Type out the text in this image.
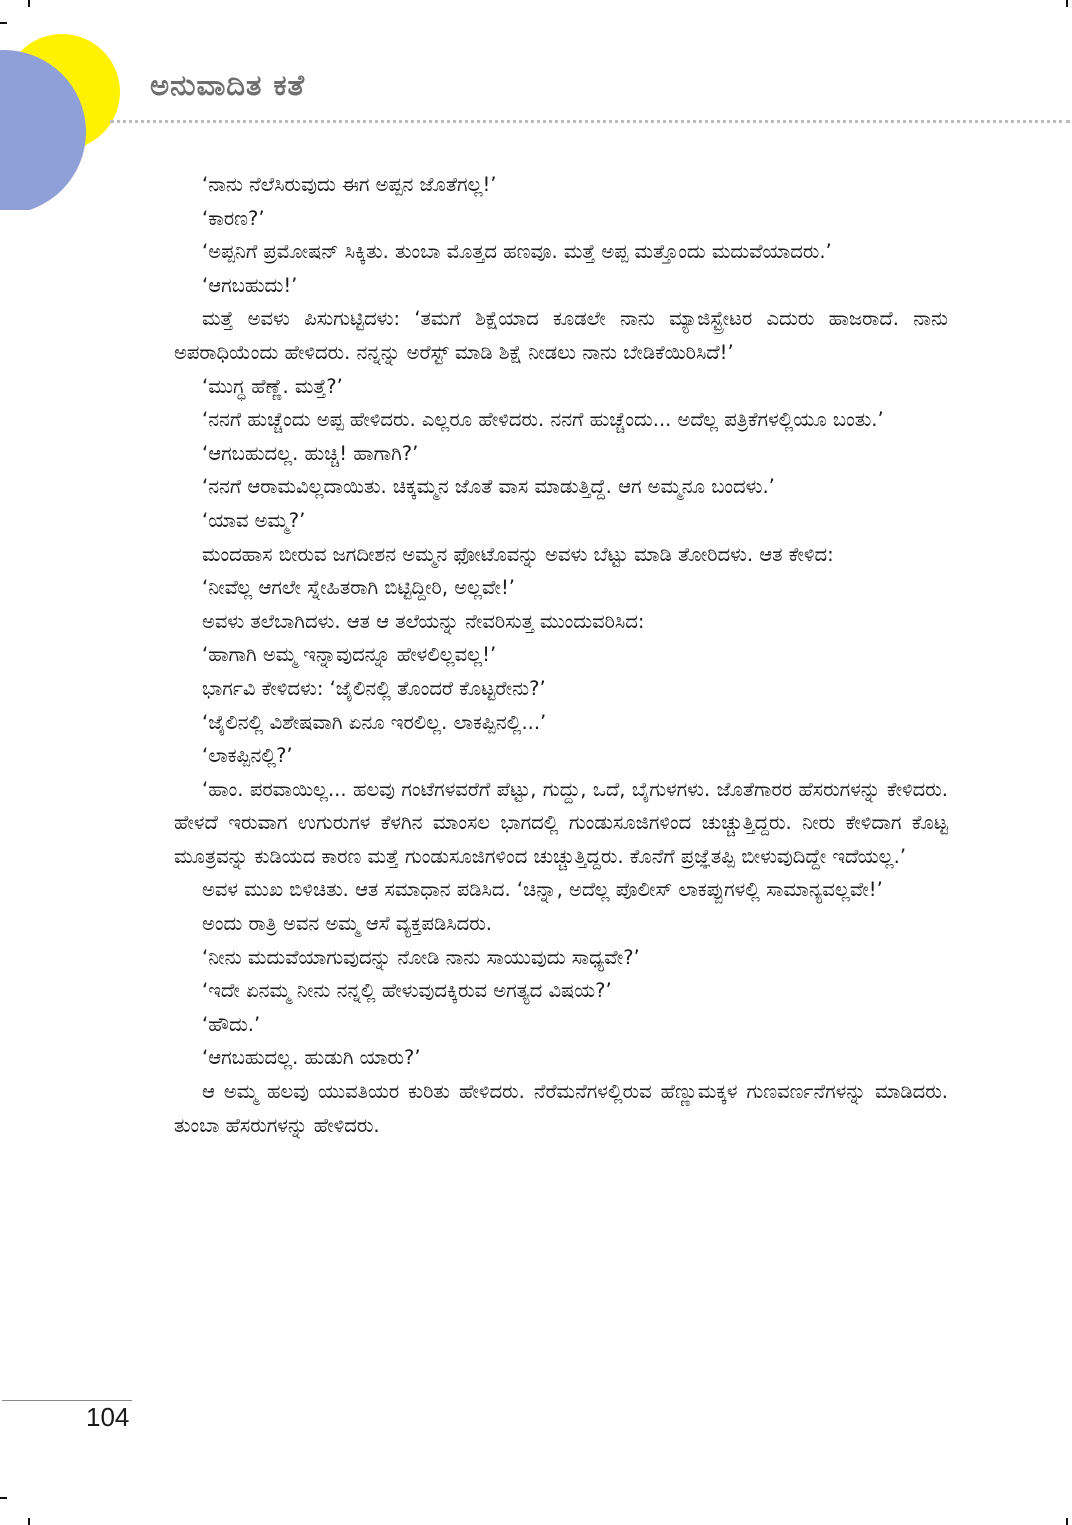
ಅನುವಾದಿತ ಕತೆ

‘ನಾನು ನೆಲೆಸಿರುವುದು ಈಗ ಅಪ್ಪನ ಜೊತೆಗಲ್ಲ!’

‘ಕಾರಣ?’

‘ಅಪ್ಪನಿಗೆ ಪ್ರಮೋಷನ್ ಸಿಕ್ಕಿತು. ತುಂಬಾ ಮೊತ್ತದ ಹಣವೂ. ಮತ್ತೆ ಅಪ್ಪ ಮತ್ತೊಂದು ಮದುವೆಯಾದರು.’

‘ಆಗಬಹುದು!’

ಮತ್ತೆ ಅವಳು ಪಿಸುಗುಟ್ಟಿದಳು: ‘ತಮಗೆ ಶಿಕ್ಷೆಯಾದ ಕೂಡಲೇ ನಾನು ಮ್ಯಾಜಿಸ್ಟ್ರೇಟರ ಎದುರು ಹಾಜರಾದೆ. ನಾನು ಅಪರಾಧಿಯೆಂದು ಹೇಳಿದರು. ನನ್ನನ್ನು ಅರೆಸ್ಟ್ ಮಾಡಿ ಶಿಕ್ಷೆ ನೀಡಲು ನಾನು ಬೇಡಿಕೆಯಿರಿಸಿದೆ!’

‘ಮುಗ್ಧ ಹೆಣ್ಣೆ. ಮತ್ತೆ?’

‘ನನಗೆ ಹುಚ್ಚೆಂದು ಅಪ್ಪ ಹೇಳಿದರು. ಎಲ್ಲರೂ ಹೇಳಿದರು. ನನಗೆ ಹುಚ್ಚೆಂದು... ಅದೆಲ್ಲ ಪತ್ರಿಕೆಗಳಲ್ಲಿಯೂ ಬಂತು.’

‘ಆಗಬಹುದಲ್ಲ. ಹುಚ್ಚಿ! ಹಾಗಾಗಿ?’

‘ನನಗೆ ಆರಾಮವಿಲ್ಲದಾಯಿತು. ಚಿಕ್ಕಮ್ಮನ ಜೊತೆ ವಾಸ ಮಾಡುತ್ತಿದ್ದೆ. ಆಗ ಅಮ್ಮನೂ ಬಂದಳು.’

‘ಯಾವ ಅಮ್ಮ?’

ಮಂದಹಾಸ ಬೀರುವ ಜಗದೀಶನ ಅಮ್ಮನ ಫೋಟೊವನ್ನು ಅವಳು ಬೆಟ್ಟು ಮಾಡಿ ತೋರಿದಳು. ಆತ ಕೇಳಿದ:

‘ನೀವೆಲ್ಲ ಆಗಲೇ ಸ್ನೇಹಿತರಾಗಿ ಬಿಟ್ಟಿದ್ದೀರಿ, ಅಲ್ಲವೇ!’

ಅವಳು ತಲೆಬಾಗಿದಳು. ಆತ ಆ ತಲೆಯನ್ನು ನೇವರಿಸುತ್ತ ಮುಂದುವರಿಸಿದ:

‘ಹಾಗಾಗಿ ಅಮ್ಮ ಇನ್ನಾವುದನ್ನೂ ಹೇಳಲಿಲ್ಲವಲ್ಲ!’

ಭಾರ್ಗವಿ ಕೇಳಿದಳು: ‘ಜೈಲಿನಲ್ಲಿ ತೊಂದರೆ ಕೊಟ್ಟರೇನು?’

‘ಜೈಲಿನಲ್ಲಿ ವಿಶೇಷವಾಗಿ ಏನೂ ಇರಲಿಲ್ಲ. ಲಾಕಪ್ಪಿನಲ್ಲಿ...’

‘ಲಾಕಪ್ಪಿನಲ್ಲಿ?’

‘ಹಾಂ. ಪರವಾಯಿಲ್ಲ... ಹಲವು ಗಂಟೆಗಳವರೆಗೆ ಪೆಟ್ಟು, ಗುದ್ದು, ಒದೆ, ಬೈಗುಳಗಳು. ಜೊತೆಗಾರರ ಹೆಸರುಗಳನ್ನು ಕೇಳಿದರು. ಹೇಳದೆ ಇರುವಾಗ ಉಗುರುಗಳ ಕೆಳಗಿನ ಮಾಂಸಲ ಭಾಗದಲ್ಲಿ ಗುಂಡುಸೂಜಿಗಳಿಂದ ಚುಚ್ಚುತ್ತಿದ್ದರು. ನೀರು ಕೇಳಿದಾಗ ಕೊಟ್ಟ ಮೂತ್ರವನ್ನು ಕುಡಿಯದ ಕಾರಣ ಮತ್ತೆ ಗುಂಡುಸೂಜಿಗಳಿಂದ ಚುಚ್ಚುತ್ತಿದ್ದರು. ಕೊನೆಗೆ ಪ್ರಜ್ಞೆತಪ್ಪಿ ಬೀಳುವುದಿದ್ದೇ ಇದೆಯಲ್ಲ.’

ಅವಳ ಮುಖ ಬಿಳಿಚಿತು. ಆತ ಸಮಾಧಾನ ಪಡಿಸಿದ. ‘ಚಿನ್ನಾ, ಅದೆಲ್ಲ ಪೊಲೀಸ್ ಲಾಕಪ್ಪುಗಳಲ್ಲಿ ಸಾಮಾನ್ಯವಲ್ಲವೇ!’

ಅಂದು ರಾತ್ರಿ ಅವನ ಅಮ್ಮ ಆಸೆ ವ್ಯಕ್ತಪಡಿಸಿದರು.

‘ನೀನು ಮದುವೆಯಾಗುವುದನ್ನು ನೋಡಿ ನಾನು ಸಾಯುವುದು ಸಾಧ್ಯವೇ?’

‘ಇದೇ ಏನಮ್ಮ ನೀನು ನನ್ನಲ್ಲಿ ಹೇಳುವುದಕ್ಕಿರುವ ಅಗತ್ಯದ ವಿಷಯ?’

‘ಹೌದು.’

‘ಆಗಬಹುದಲ್ಲ. ಹುಡುಗಿ ಯಾರು?’

ಆ ಅಮ್ಮ ಹಲವು ಯುವತಿಯರ ಕುರಿತು ಹೇಳಿದರು. ನೆರೆಮನೆಗಳಲ್ಲಿರುವ ಹೆಣ್ಣುಮಕ್ಕಳ ಗುಣವರ್ಣನೆಗಳನ್ನು ಮಾಡಿದರು. ತುಂಬಾ ಹೆಸರುಗಳನ್ನು ಹೇಳಿದರು.

104
